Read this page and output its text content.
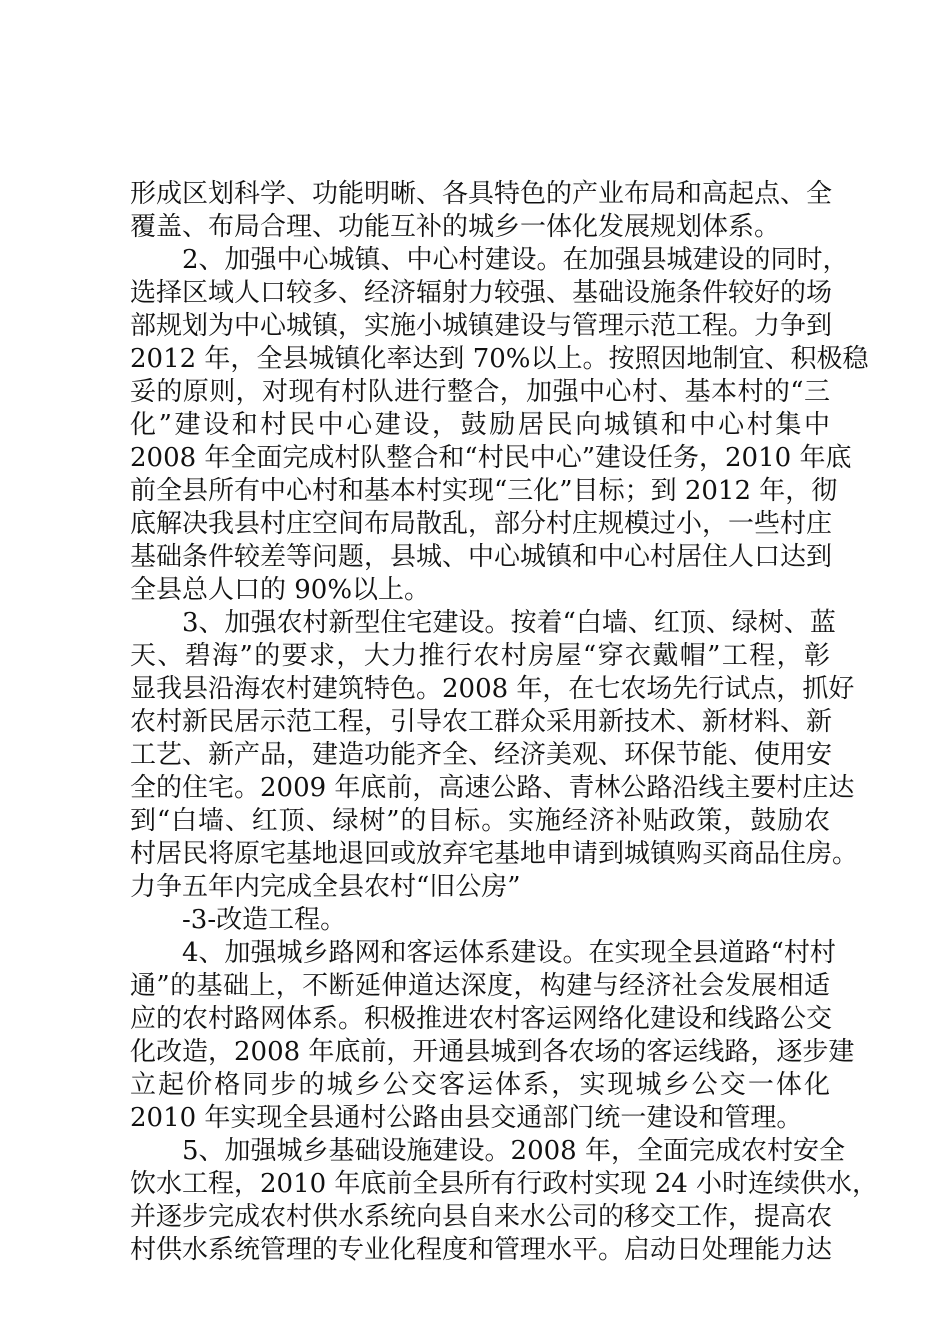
形成区划科学、功能明晰、各具特色的产业布局和高起点、全
覆盖、布局合理、功能互补的城乡一体化发展规划体系。
2、加强中心城镇、中心村建设。在加强县城建设的同时，
选择区域人口较多、经济辐射力较强、基础设施条件较好的场
部规划为中心城镇，实施小城镇建设与管理示范工程。力争到
2012 年，全县城镇化率达到 70%以上。按照因地制宜、积极稳
妥的原则，对现有村队进行整合，加强中心村、基本村的“三
化”建设和村民中心建设，鼓励居民向城镇和中心村集中
2008 年全面完成村队整合和“村民中心”建设任务，2010 年底
前全县所有中心村和基本村实现“三化”目标；到 2012 年，彻
底解决我县村庄空间布局散乱，部分村庄规模过小，一些村庄
基础条件较差等问题，县城、中心城镇和中心村居住人口达到
全县总人口的 90%以上。
3、加强农村新型住宅建设。按着“白墙、红顶、绿树、蓝
天、碧海”的要求，大力推行农村房屋“穿衣戴帽”工程，彰
显我县沿海农村建筑特色。2008 年，在七农场先行试点，抓好
农村新民居示范工程，引导农工群众采用新技术、新材料、新
工艺、新产品，建造功能齐全、经济美观、环保节能、使用安
全的住宅。2009 年底前，高速公路、青林公路沿线主要村庄达
到“白墙、红顶、绿树”的目标。实施经济补贴政策，鼓励农
村居民将原宅基地退回或放弃宅基地申请到城镇购买商品住房。
力争五年内完成全县农村“旧公房”
-3-改造工程。
4、加强城乡路网和客运体系建设。在实现全县道路“村村
通”的基础上，不断延伸道达深度，构建与经济社会发展相适
应的农村路网体系。积极推进农村客运网络化建设和线路公交
化改造，2008 年底前，开通县城到各农场的客运线路，逐步建
立起价格同步的城乡公交客运体系，实现城乡公交一体化
2010 年实现全县通村公路由县交通部门统一建设和管理。
5、加强城乡基础设施建设。2008 年，全面完成农村安全
饮水工程，2010 年底前全县所有行政村实现 24 小时连续供水，
并逐步完成农村供水系统向县自来水公司的移交工作，提高农
村供水系统管理的专业化程度和管理水平。启动日处理能力达
